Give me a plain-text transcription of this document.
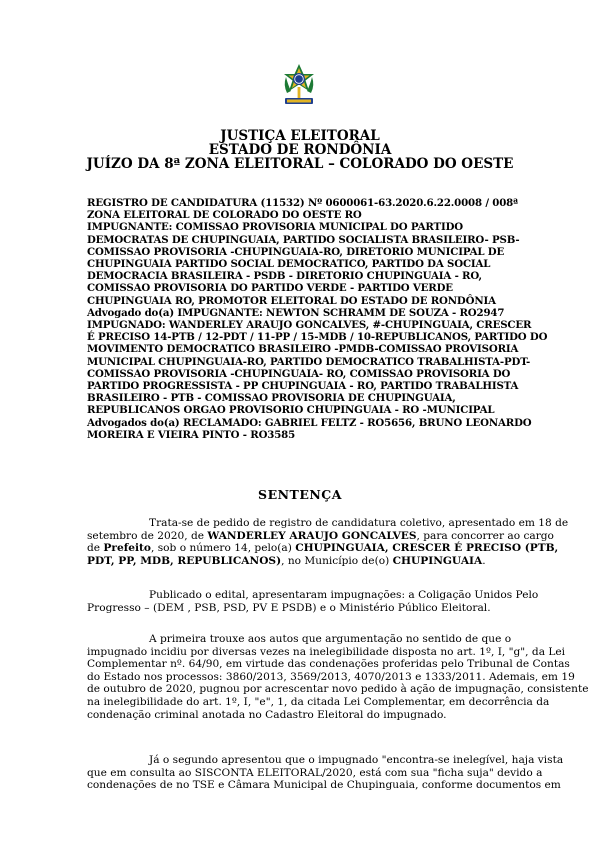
JUSTIÇA ELEITORAL

ESTADO DE RONDÔNIA

JUÍZO DA 8ª ZONA ELEITORAL – COLORADO DO OESTE

REGISTRO DE CANDIDATURA (11532) Nº 0600061-63.2020.6.22.0008 / 008ª
ZONA ELEITORAL DE COLORADO DO OESTE RO
IMPUGNANTE: COMISSAO PROVISORIA MUNICIPAL DO PARTIDO
DEMOCRATAS DE CHUPINGUAIA, PARTIDO SOCIALISTA BRASILEIRO- PSB-
COMISSAO PROVISORIA -CHUPINGUAIA-RO, DIRETORIO MUNICIPAL DE
CHUPINGUAIA PARTIDO SOCIAL DEMOCRATICO, PARTIDO DA SOCIAL
DEMOCRACIA BRASILEIRA - PSDB - DIRETORIO CHUPINGUAIA - RO,
COMISSAO PROVISORIA DO PARTIDO VERDE - PARTIDO VERDE
CHUPINGUAIA RO, PROMOTOR ELEITORAL DO ESTADO DE RONDÔNIA
Advogado do(a) IMPUGNANTE: NEWTON SCHRAMM DE SOUZA - RO2947
IMPUGNADO: WANDERLEY ARAUJO GONCALVES, #-CHUPINGUAIA, CRESCER
É PRECISO 14-PTB / 12-PDT / 11-PP / 15-MDB / 10-REPUBLICANOS, PARTIDO DO
MOVIMENTO DEMOCRATICO BRASILEIRO -PMDB-COMISSAO PROVISORIA
MUNICIPAL CHUPINGUAIA-RO, PARTIDO DEMOCRATICO TRABALHISTA-PDT-
COMISSAO PROVISORIA -CHUPINGUAIA- RO, COMISSAO PROVISORIA DO
PARTIDO PROGRESSISTA - PP CHUPINGUAIA - RO, PARTIDO TRABALHISTA
BRASILEIRO - PTB - COMISSAO PROVISORIA DE CHUPINGUAIA,
REPUBLICANOS ORGAO PROVISORIO CHUPINGUAIA - RO -MUNICIPAL
Advogados do(a) RECLAMADO: GABRIEL FELTZ - RO5656, BRUNO LEONARDO
MOREIRA E VIEIRA PINTO - RO3585

SENTENÇA

Trata-se de pedido de registro de candidatura coletivo, apresentado em 18 de
setembro de 2020, de WANDERLEY ARAUJO GONCALVES, para concorrer ao cargo
de Prefeito, sob o número 14, pelo(a) CHUPINGUAIA, CRESCER É PRECISO (PTB,
PDT, PP, MDB, REPUBLICANOS), no Município de(o) CHUPINGUAIA.
Publicado o edital, apresentaram impugnações: a Coligação Unidos Pelo
Progresso – (DEM , PSB, PSD, PV E PSDB) e o Ministério Público Eleitoral.
A primeira trouxe aos autos que argumentação no sentido de que o
impugnado incidiu por diversas vezes na inelegibilidade disposta no art. 1º, I, "g", da Lei
Complementar nº. 64/90, em virtude das condenações proferidas pelo Tribunal de Contas
do Estado nos processos: 3860/2013, 3569/2013, 4070/2013 e 1333/2011. Ademais, em 19
de outubro de 2020, pugnou por acrescentar novo pedido à ação de impugnação, consistente
na inelegibilidade do art. 1º, I, "e", 1, da citada Lei Complementar, em decorrência da
condenação criminal anotada no Cadastro Eleitoral do impugnado.
Já o segundo apresentou que o impugnado "encontra-se inelegível, haja vista
que em consulta ao SISCONTA ELEITORAL/2020, está com sua "ficha suja" devido a
condenações de no TSE e Câmara Municipal de Chupinguaia, conforme documentos em
